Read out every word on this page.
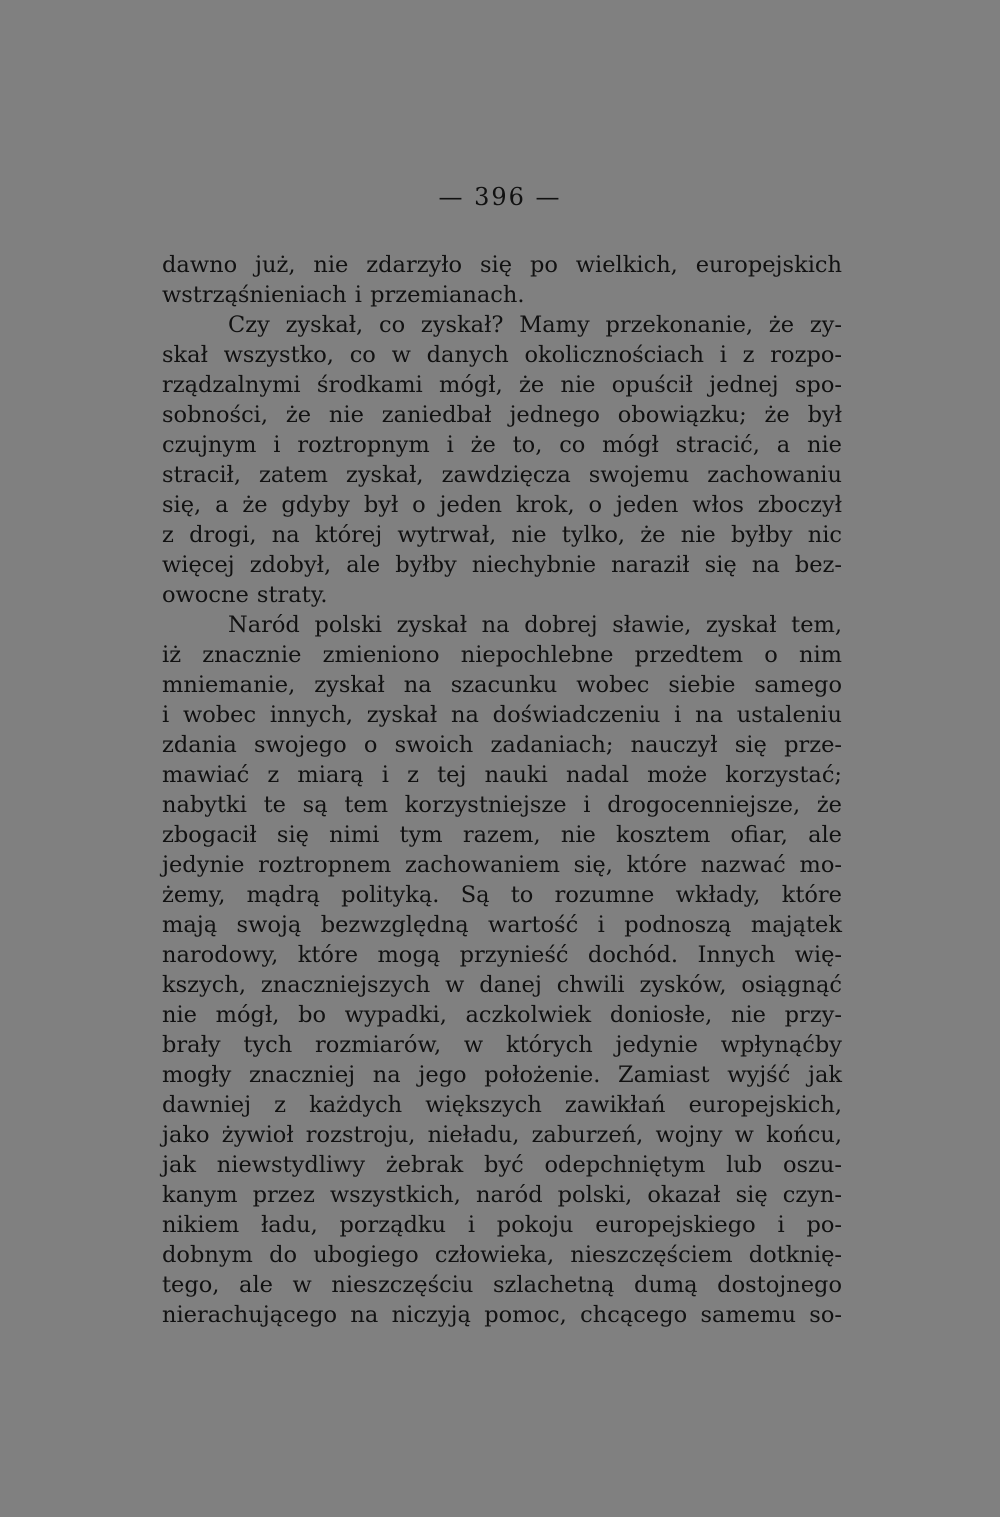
— 396 —
dawno już, nie zdarzyło się po wielkich, europejskich
wstrząśnieniach i przemianach.
Czy zyskał, co zyskał? Mamy przekonanie, że zy-
skał wszystko, co w danych okolicznościach i z rozpo-
rządzalnymi środkami mógł, że nie opuścił jednej spo-
sobności, że nie zaniedbał jednego obowiązku; że był
czujnym i roztropnym i że to, co mógł stracić, a nie
stracił, zatem zyskał, zawdzięcza swojemu zachowaniu
się, a że gdyby był o jeden krok, o jeden włos zboczył
z drogi, na której wytrwał, nie tylko, że nie byłby nic
więcej zdobył, ale byłby niechybnie naraził się na bez-
owocne straty.
Naród polski zyskał na dobrej sławie, zyskał tem,
iż znacznie zmieniono niepochlebne przedtem o nim
mniemanie, zyskał na szacunku wobec siebie samego
i wobec innych, zyskał na doświadczeniu i na ustaleniu
zdania swojego o swoich zadaniach; nauczył się prze-
mawiać z miarą i z tej nauki nadal może korzystać;
nabytki te są tem korzystniejsze i drogocenniejsze, że
zbogacił się nimi tym razem, nie kosztem ofiar, ale
jedynie roztropnem zachowaniem się, które nazwać mo-
żemy, mądrą polityką. Są to rozumne wkłady, które
mają swoją bezwzględną wartość i podnoszą majątek
narodowy, które mogą przynieść dochód. Innych wię-
kszych, znaczniejszych w danej chwili zysków, osiągnąć
nie mógł, bo wypadki, aczkolwiek doniosłe, nie przy-
brały tych rozmiarów, w których jedynie wpłynąćby
mogły znaczniej na jego położenie. Zamiast wyjść jak
dawniej z każdych większych zawikłań europejskich,
jako żywioł rozstroju, nieładu, zaburzeń, wojny w końcu,
jak niewstydliwy żebrak być odepchniętym lub oszu-
kanym przez wszystkich, naród polski, okazał się czyn-
nikiem ładu, porządku i pokoju europejskiego i po-
dobnym do ubogiego człowieka, nieszczęściem dotknię-
tego, ale w nieszczęściu szlachetną dumą dostojnego
nierachującego na niczyją pomoc, chcącego samemu so-
